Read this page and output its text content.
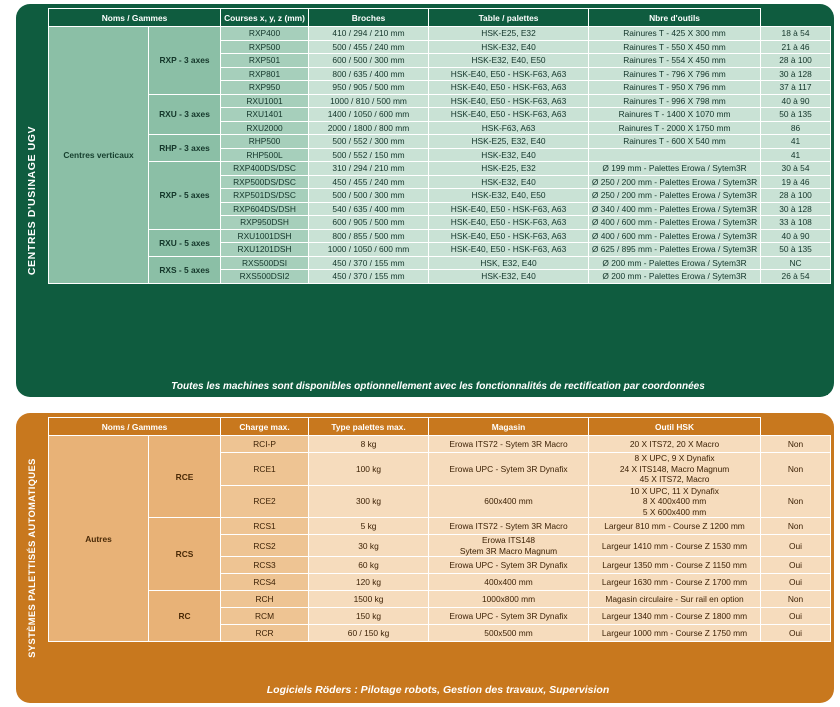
CENTRES D'USINAGE UGV
Noms / Gammes		Courses x, y, z (mm)	Broches	Table / palettes	Nbre d'outils	
Centres verticaux	RXP - 3 axes	RXP400	410 / 294 / 210 mm	HSK-E25, E32	Rainures T - 425 X 300 mm	18 à 54
		RXP500	500 / 455 / 240 mm	HSK-E32, E40	Rainures T - 550 X 450 mm	21 à 46
		RXP501	600 / 500 / 300 mm	HSK-E32, E40, E50	Rainures T - 554 X 450 mm	28 à 100
		RXP801	800 / 635 / 400 mm	HSK-E40, E50 - HSK-F63, A63	Rainures T - 796 X 796 mm	30 à 128
		RXP950	950 / 905 / 500 mm	HSK-E40, E50 - HSK-F63, A63	Rainures T - 950 X 796 mm	37 à 117
	RXU - 3 axes	RXU1001	1000 / 810 / 500 mm	HSK-E40, E50 - HSK-F63, A63	Rainures T - 996 X 798 mm	40 à 90
		RXU1401	1400 / 1050 / 600 mm	HSK-E40, E50 - HSK-F63, A63	Rainures T - 1400 X 1070 mm	50 à 135
		RXU2000	2000 / 1800 / 800 mm	HSK-F63, A63	Rainures T - 2000 X 1750 mm	86
	RHP - 3 axes	RHP500	500 / 552 / 300 mm	HSK-E25, E32, E40	Rainures T - 600 X 540 mm	41
		RHP500L	500 / 552 / 150 mm	HSK-E32, E40		41
	RXP - 5 axes	RXP400DS/DSC	310 / 294 / 210 mm	HSK-E25, E32	Ø 199 mm - Palettes Erowa / Sytem3R	30 à 54
		RXP500DS/DSC	450 / 455 / 240 mm	HSK-E32, E40	Ø 250 / 200 mm - Palettes Erowa / Sytem3R	19 à 46
		RXP501DS/DSC	500 / 500 / 300 mm	HSK-E32, E40, E50	Ø 250 / 200 mm - Palettes Erowa / Sytem3R	28 à 100
		RXP604DS/DSH	540 / 635 / 400 mm	HSK-E40, E50 - HSK-F63, A63	Ø 340 / 400 mm - Palettes Erowa / Sytem3R	30 à 128
		RXP950DSH	600 / 905 / 500 mm	HSK-E40, E50 - HSK-F63, A63	Ø 400 / 600 mm - Palettes Erowa / Sytem3R	33 à 108
	RXU - 5 axes	RXU1001DSH	800 / 855 / 500 mm	HSK-E40, E50 - HSK-F63, A63	Ø 400 / 600 mm - Palettes Erowa / Sytem3R	40 à 90
		RXU1201DSH	1000 / 1050 / 600 mm	HSK-E40, E50 - HSK-F63, A63	Ø 625 / 895 mm - Palettes Erowa / Sytem3R	50 à 135
	RXS - 5 axes	RXS500DSI	450 / 370 / 155 mm	HSK, E32, E40	Ø 200 mm - Palettes Erowa / Sytem3R	NC
		RXS500DSI2	450 / 370 / 155 mm	HSK-E32, E40	Ø 200 mm - Palettes Erowa / Sytem3R	26 à 54
Toutes les machines sont disponibles optionnellement avec les fonctionnalités de rectification par coordonnées
SYSTÈMES PALETTISÉS AUTOMATIQUES
Noms / Gammes		Charge max.	Type palettes max.	Magasin	Outil HSK	
Autres	RCE	RCI-P	8 kg	Erowa ITS72 - Sytem 3R Macro	20 X ITS72, 20 X Macro	Non
		RCE1	100 kg	Erowa UPC - Sytem 3R Dynafix	8 X UPC, 9 X Dynafix
24 X ITS148, Macro Magnum
45 X ITS72, Macro	Non
		RCE2	300 kg	600x400 mm	10 X UPC, 11 X Dynafix
8 X 400x400 mm
5 X 600x400 mm	Non
	RCS	RCS1	5 kg	Erowa ITS72 - Sytem 3R Macro	Largeur 810 mm - Course Z 1200 mm	Non
		RCS2	30 kg	Erowa ITS148
Sytem 3R Macro Magnum	Largeur 1410 mm - Course Z 1530 mm	Oui
		RCS3	60 kg	Erowa UPC - Sytem 3R Dynafix	Largeur 1350 mm - Course Z 1150 mm	Oui
		RCS4	120 kg	400x400 mm	Largeur 1630 mm - Course Z 1700 mm	Oui
	RC	RCH	1500 kg	1000x800 mm	Magasin circulaire - Sur rail en option	Non
		RCM	150 kg	Erowa UPC - Sytem 3R Dynafix	Largeur 1340 mm - Course Z 1800 mm	Oui
		RCR	60 / 150 kg	500x500 mm	Largeur 1000 mm - Course Z 1750 mm	Oui
Logiciels Röders : Pilotage robots, Gestion des travaux, Supervision
